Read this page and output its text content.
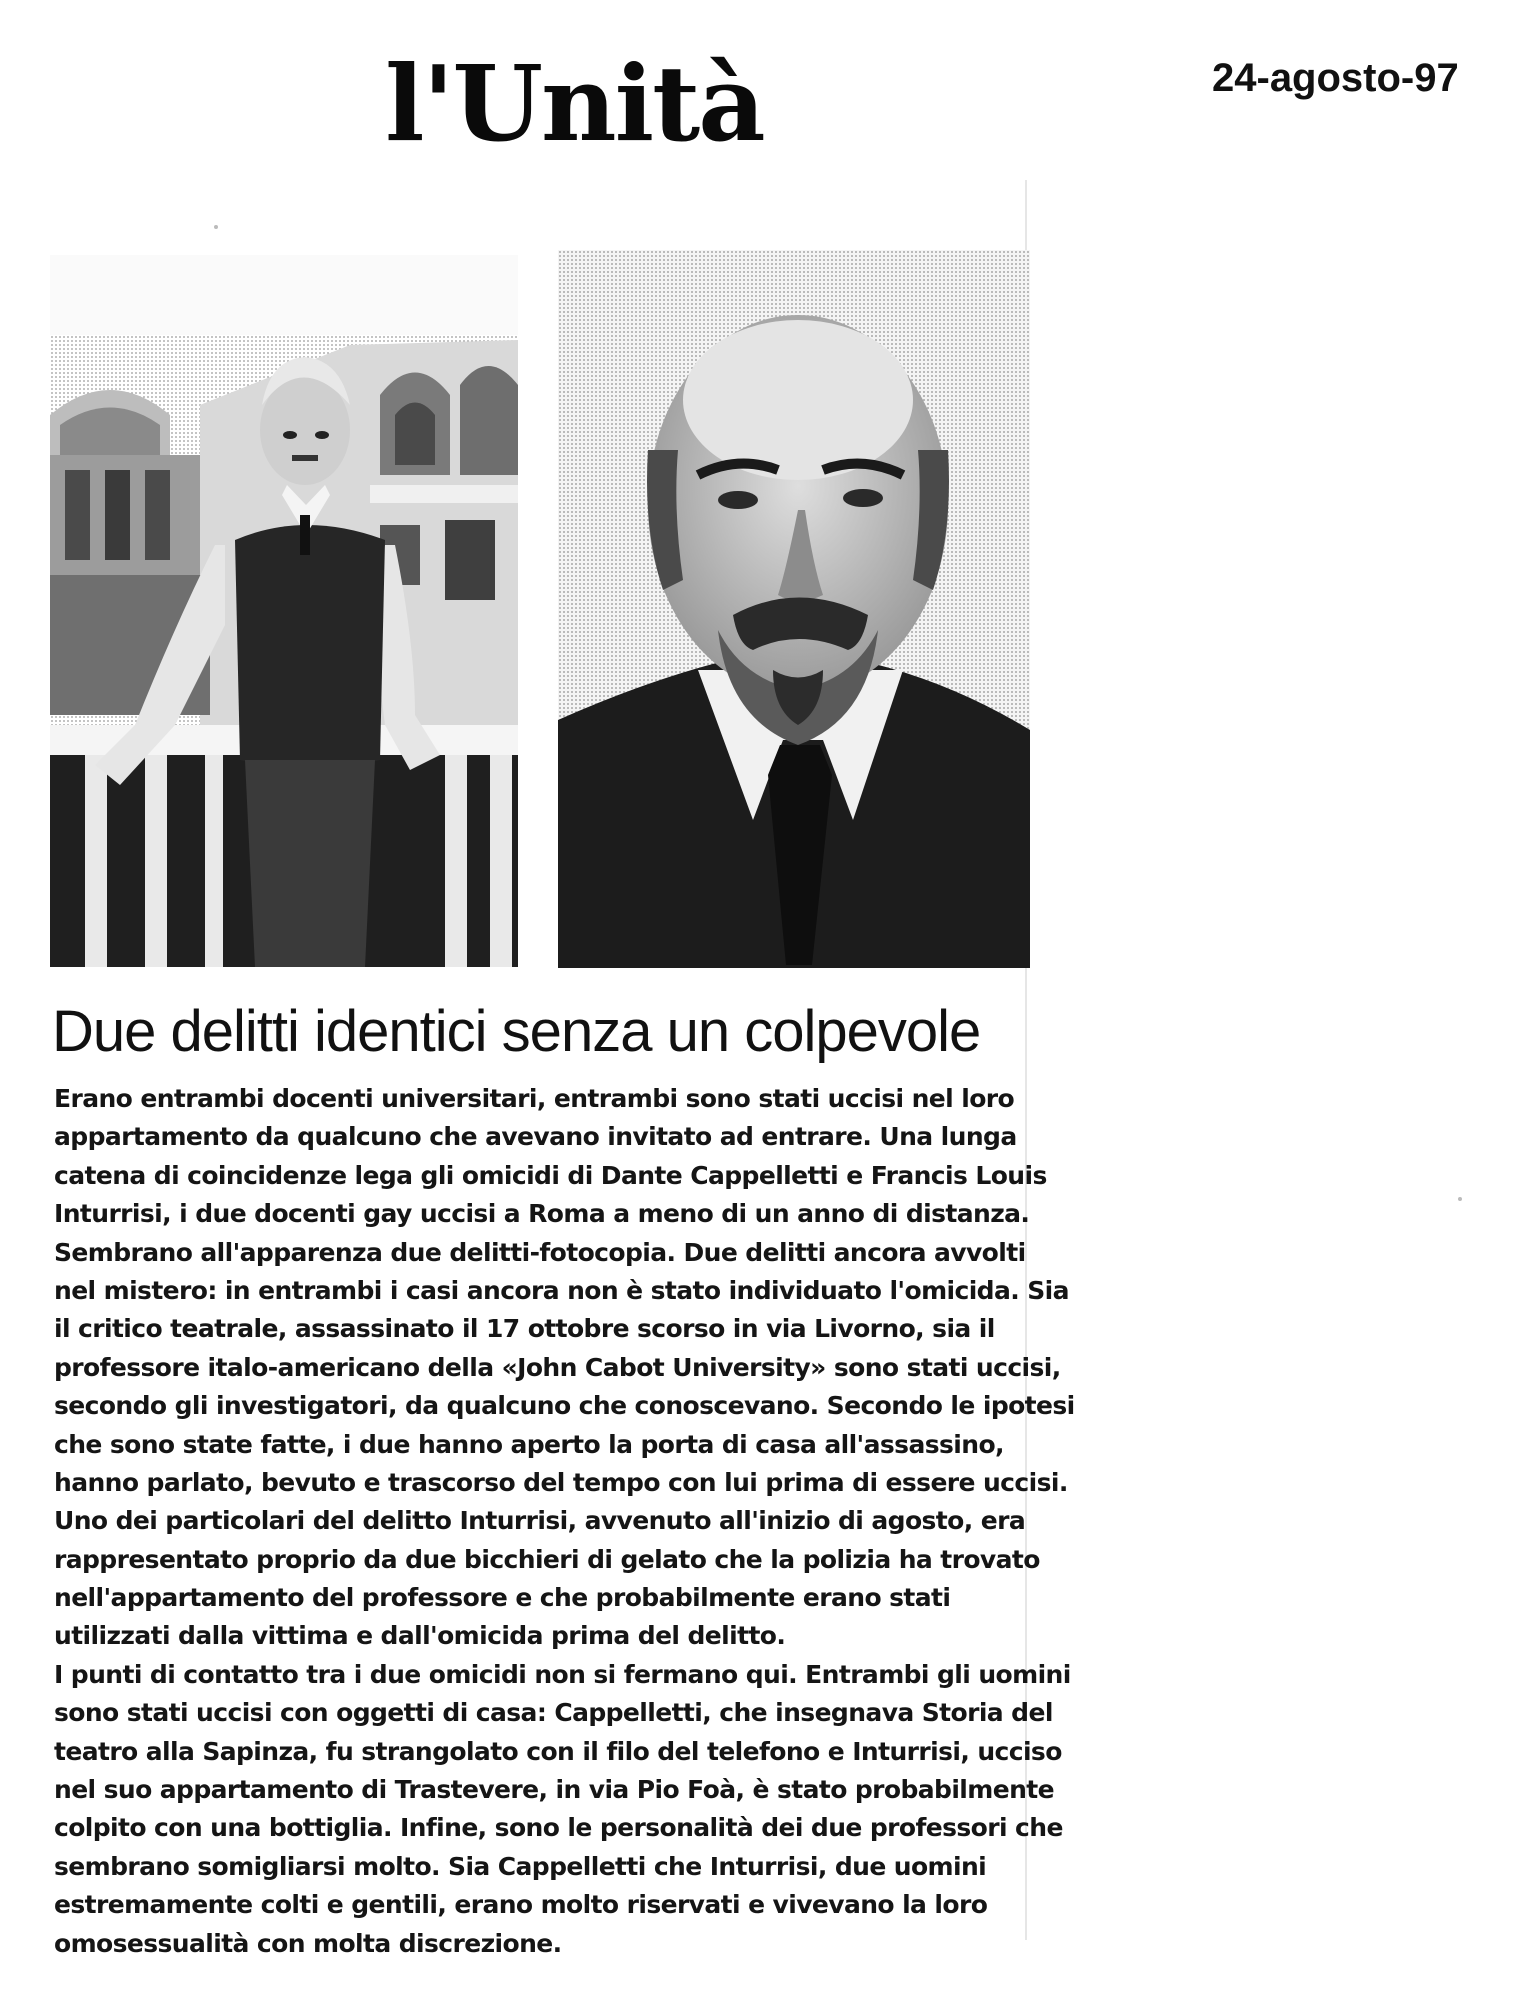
l'Unità	24-agosto-97
Due delitti identici senza un colpevole
Erano entrambi docenti universitari, entrambi sono stati uccisi nel loro
appartamento da qualcuno che avevano invitato ad entrare. Una lunga
catena di coincidenze lega gli omicidi di Dante Cappelletti e Francis Louis
Inturrisi, i due docenti gay uccisi a Roma a meno di un anno di distanza.
Sembrano all'apparenza due delitti-fotocopia. Due delitti ancora avvolti
nel mistero: in entrambi i casi ancora non è stato individuato l'omicida. Sia
il critico teatrale, assassinato il 17 ottobre scorso in via Livorno, sia il
professore italo-americano della «John Cabot University» sono stati uccisi,
secondo gli investigatori, da qualcuno che conoscevano. Secondo le ipotesi
che sono state fatte, i due hanno aperto la porta di casa all'assassino,
hanno parlato, bevuto e trascorso del tempo con lui prima di essere uccisi.
Uno dei particolari del delitto Inturrisi, avvenuto all'inizio di agosto, era
rappresentato proprio da due bicchieri di gelato che la polizia ha trovato
nell'appartamento del professore e che probabilmente erano stati
utilizzati dalla vittima e dall'omicida prima del delitto.
I punti di contatto tra i due omicidi non si fermano qui. Entrambi gli uomini
sono stati uccisi con oggetti di casa: Cappelletti, che insegnava Storia del
teatro alla Sapinza, fu strangolato con il filo del telefono e Inturrisi, ucciso
nel suo appartamento di Trastevere, in via Pio Foà, è stato probabilmente
colpito con una bottiglia. Infine, sono le personalità dei due professori che
sembrano somigliarsi molto. Sia Cappelletti che Inturrisi, due uomini
estremamente colti e gentili, erano molto riservati e vivevano la loro
omosessualità con molta discrezione.
